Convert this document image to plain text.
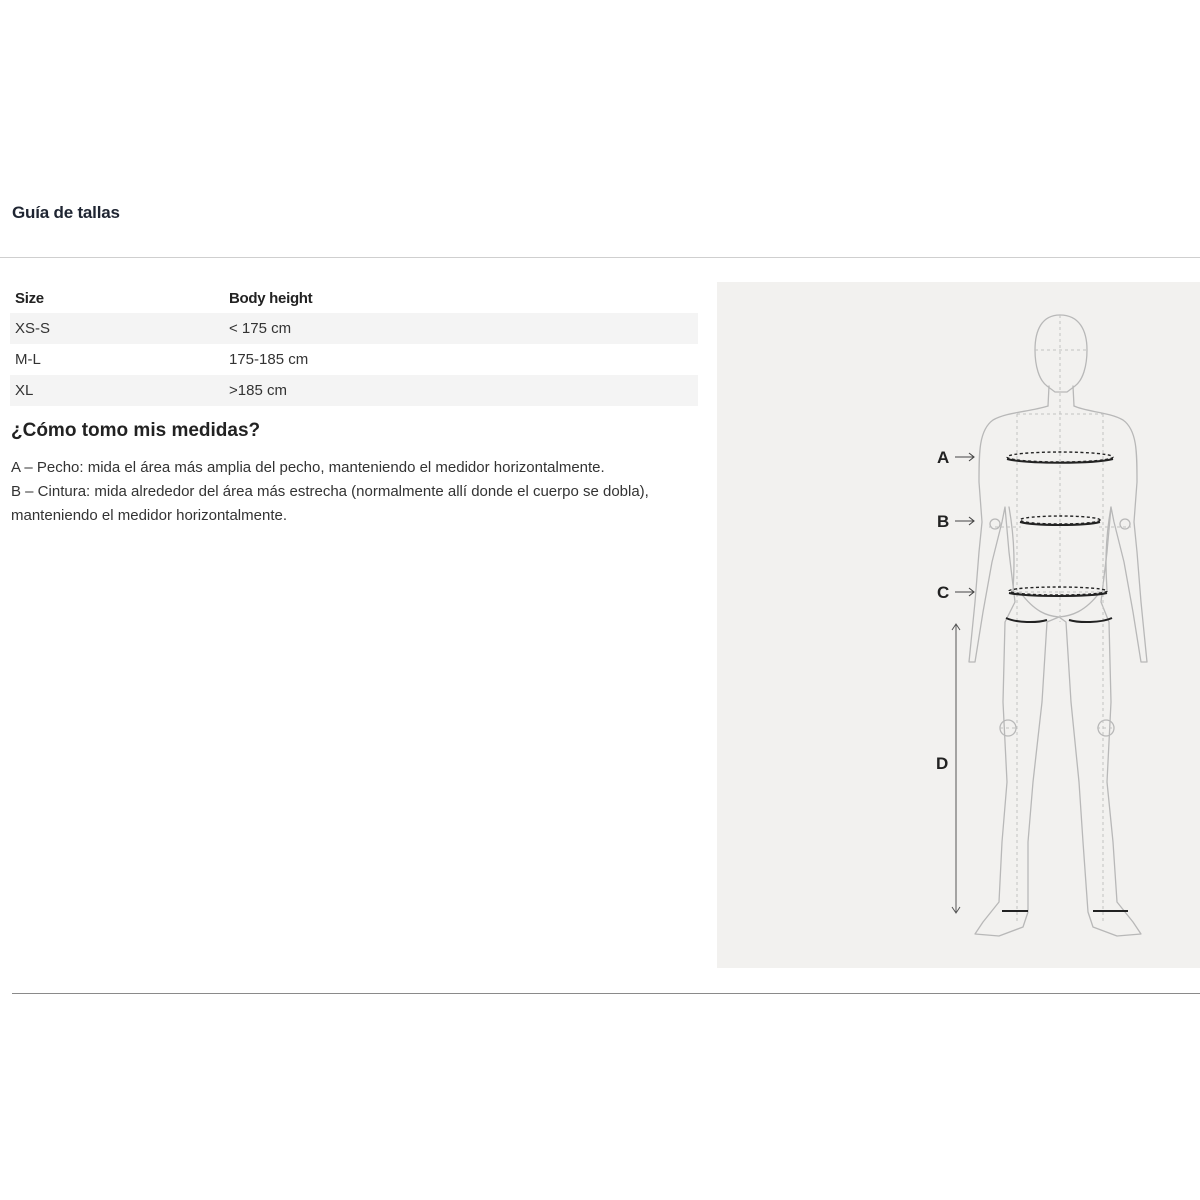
Guía de tallas
Size	Body height
XS-S	< 175 cm
M-L	175-185 cm
XL	>185 cm
¿Cómo tomo mis medidas?

A – Pecho: mida el área más amplia del pecho, manteniendo el medidor horizontalmente.

B – Cintura: mida alrededor del área más estrecha (normalmente allí donde el cuerpo se dobla), manteniendo el medidor horizontalmente.

A
B
C
D
